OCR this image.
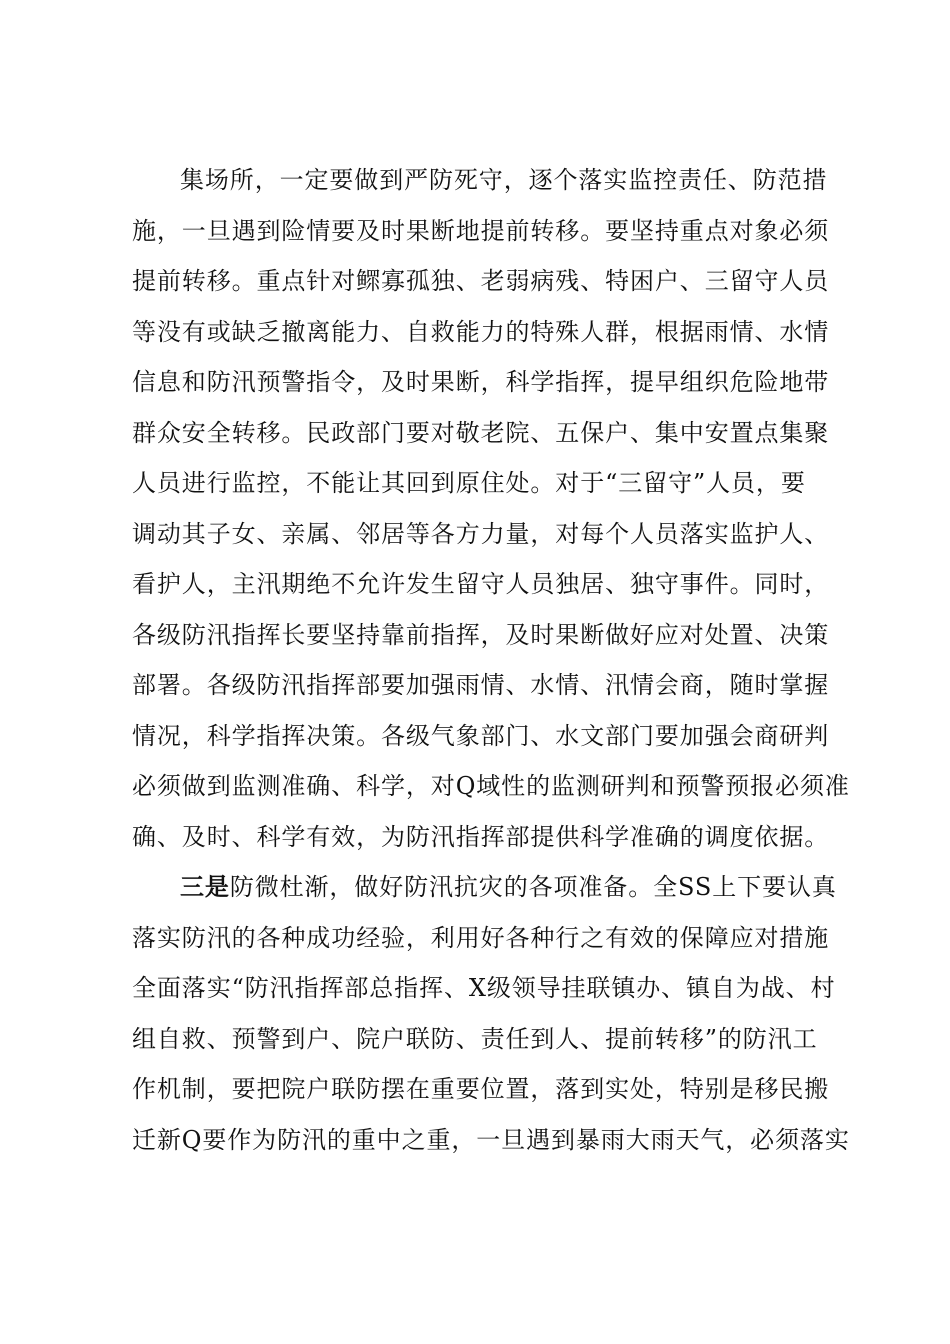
集场所，一定要做到严防死守，逐个落实监控责任、防范措
施，一旦遇到险情要及时果断地提前转移。要坚持重点对象必须
提前转移。重点针对鳏寡孤独、老弱病残、特困户、三留守人员
等没有或缺乏撤离能力、自救能力的特殊人群，根据雨情、水情
信息和防汛预警指令，及时果断，科学指挥，提早组织危险地带
群众安全转移。民政部门要对敬老院、五保户、集中安置点集聚
人员进行监控，不能让其回到原住处。对于“三留守”人员，要
调动其子女、亲属、邻居等各方力量，对每个人员落实监护人、
看护人，主汛期绝不允许发生留守人员独居、独守事件。同时，
各级防汛指挥长要坚持靠前指挥，及时果断做好应对处置、决策
部署。各级防汛指挥部要加强雨情、水情、汛情会商，随时掌握
情况，科学指挥决策。各级气象部门、水文部门要加强会商研判
必须做到监测准确、科学，对Q域性的监测研判和预警预报必须准
确、及时、科学有效，为防汛指挥部提供科学准确的调度依据。
三是防微杜渐，做好防汛抗灾的各项准备。全SS上下要认真
落实防汛的各种成功经验，利用好各种行之有效的保障应对措施
全面落实“防汛指挥部总指挥、X级领导挂联镇办、镇自为战、村
组自救、预警到户、院户联防、责任到人、提前转移”的防汛工
作机制，要把院户联防摆在重要位置，落到实处，特别是移民搬
迁新Q要作为防汛的重中之重，一旦遇到暴雨大雨天气，必须落实
